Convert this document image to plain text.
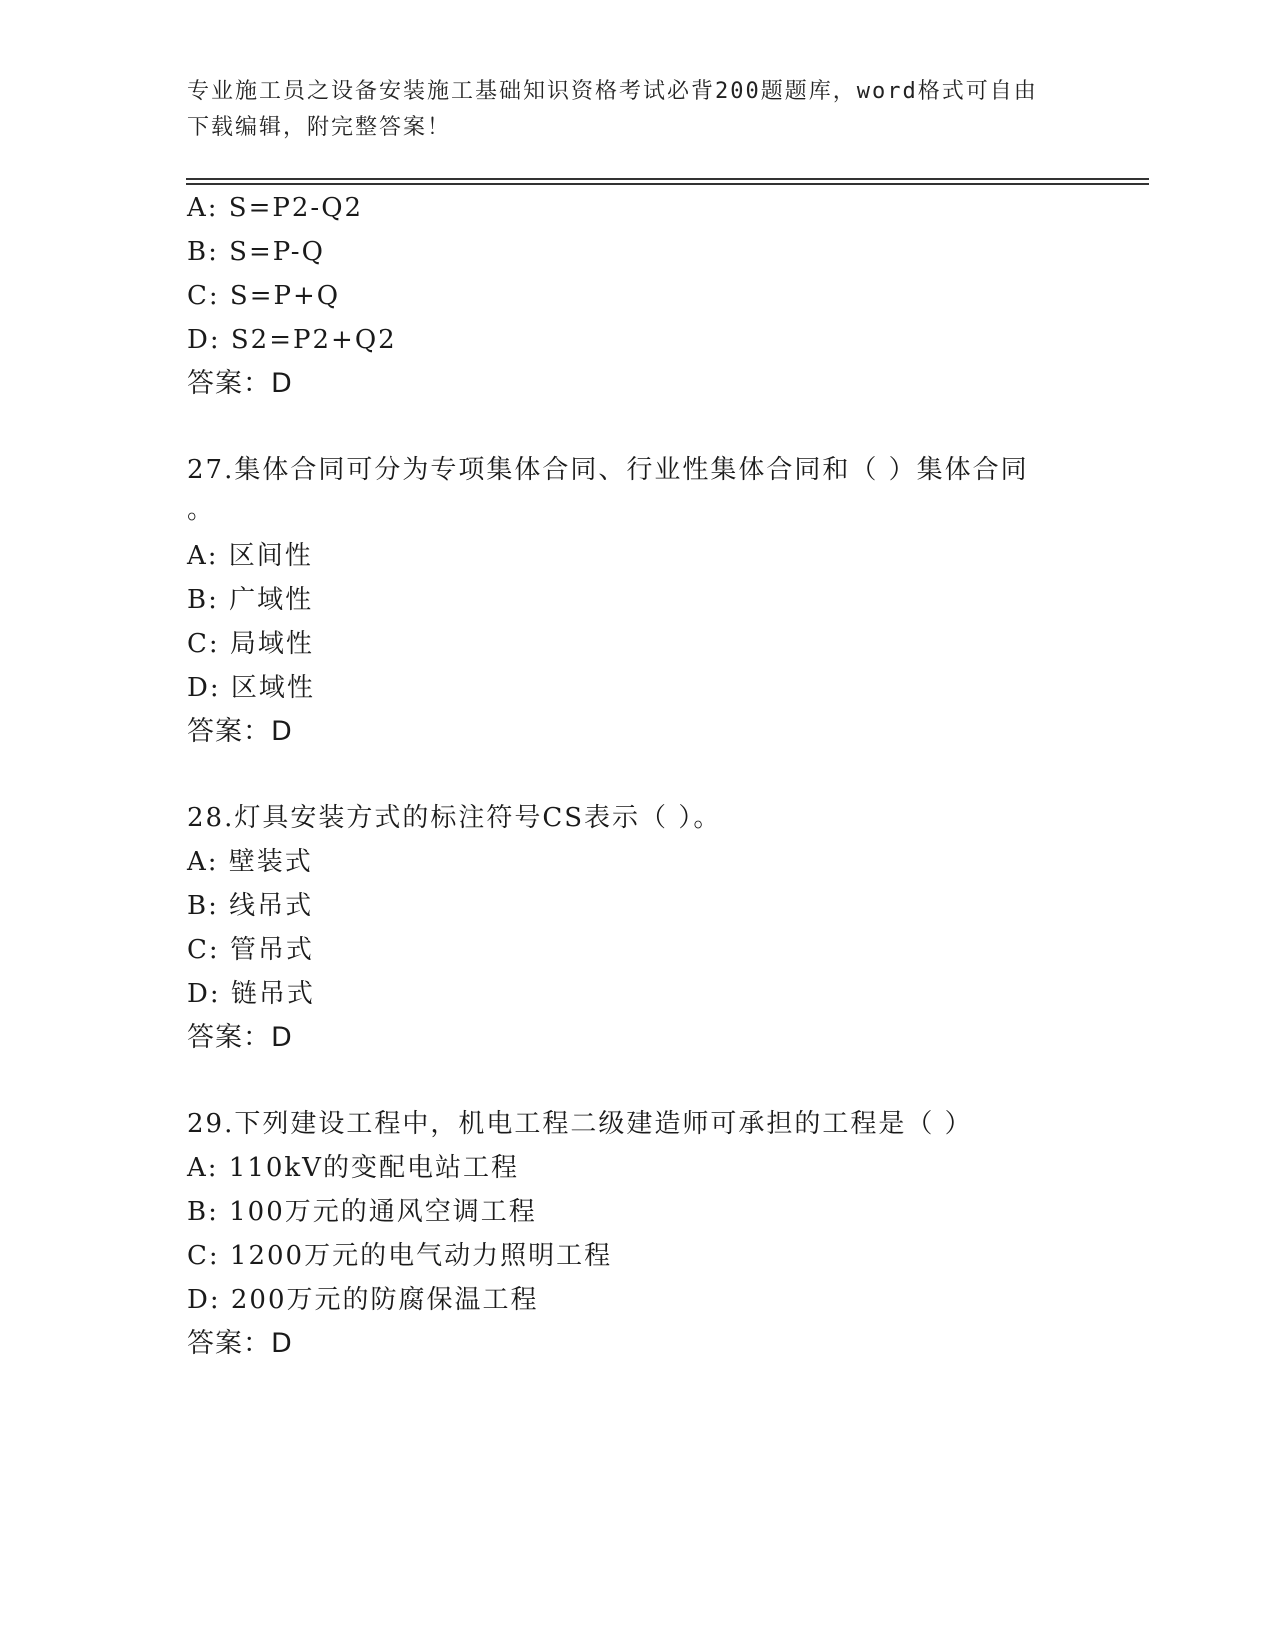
专业施工员之设备安装施工基础知识资格考试必背200题题库，word格式可自由
下载编辑，附完整答案！
A: S=P2-Q2
B: S=P-Q
C: S=P+Q
D: S2=P2+Q2
答案：D
27.集体合同可分为专项集体合同、行业性集体合同和（ ）集体合同
。
A: 区间性
B: 广域性
C: 局域性
D: 区域性
答案：D
28.灯具安装方式的标注符号CS表示（ ）。
A: 壁装式
B: 线吊式
C: 管吊式
D: 链吊式
答案：D
29.下列建设工程中，机电工程二级建造师可承担的工程是（ ）
A: 110kV的变配电站工程
B: 100万元的通风空调工程
C: 1200万元的电气动力照明工程
D: 200万元的防腐保温工程
答案：D
